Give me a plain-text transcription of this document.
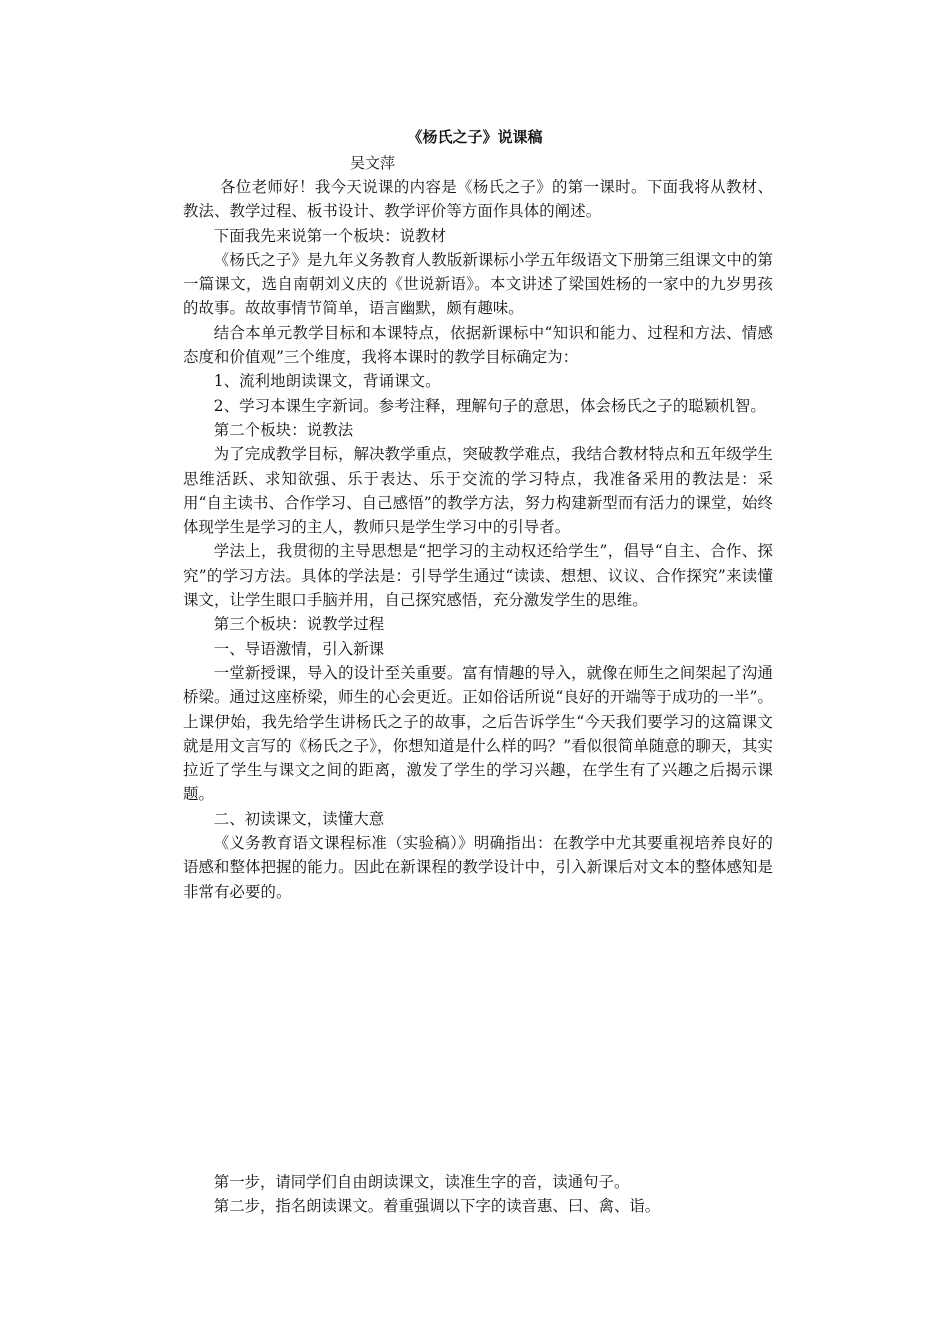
《杨氏之子》说课稿
吴文萍

各位老师好！我今天说课的内容是《杨氏之子》的第一课时。下面我将从教材、教法、教学过程、板书设计、教学评价等方面作具体的阐述。

下面我先来说第一个板块：说教材

《杨氏之子》是九年义务教育人教版新课标小学五年级语文下册第三组课文中的第一篇课文，选自南朝刘义庆的《世说新语》。本文讲述了梁国姓杨的一家中的九岁男孩的故事。故故事情节简单，语言幽默，颇有趣味。

结合本单元教学目标和本课特点，依据新课标中“知识和能力、过程和方法、情感态度和价值观”三个维度，我将本课时的教学目标确定为：

1、流利地朗读课文，背诵课文。

2、学习本课生字新词。参考注释，理解句子的意思，体会杨氏之子的聪颖机智。

第二个板块：说教法

为了完成教学目标，解决教学重点，突破教学难点，我结合教材特点和五年级学生思维活跃、求知欲强、乐于表达、乐于交流的学习特点，我准备采用的教法是：采用“自主读书、合作学习、自己感悟”的教学方法，努力构建新型而有活力的课堂，始终体现学生是学习的主人，教师只是学生学习中的引导者。

学法上，我贯彻的主导思想是“把学习的主动权还给学生”，倡导“自主、合作、探究”的学习方法。具体的学法是：引导学生通过“读读、想想、议议、合作探究”来读懂课文，让学生眼口手脑并用，自己探究感悟，充分激发学生的思维。

第三个板块：说教学过程

一、导语激情，引入新课

一堂新授课，导入的设计至关重要。富有情趣的导入，就像在师生之间架起了沟通桥梁。通过这座桥梁，师生的心会更近。正如俗话所说“良好的开端等于成功的一半”。上课伊始，我先给学生讲杨氏之子的故事，之后告诉学生“今天我们要学习的这篇课文就是用文言写的《杨氏之子》，你想知道是什么样的吗？”看似很简单随意的聊天，其实拉近了学生与课文之间的距离，激发了学生的学习兴趣，在学生有了兴趣之后揭示课题。

二、初读课文，读懂大意

《义务教育语文课程标准（实验稿）》明确指出：在教学中尤其要重视培养良好的语感和整体把握的能力。因此在新课程的教学设计中，引入新课后对文本的整体感知是非常有必要的。

第一步，请同学们自由朗读课文，读准生字的音，读通句子。

第二步，指名朗读课文。着重强调以下字的读音惠、曰、禽、诣。
